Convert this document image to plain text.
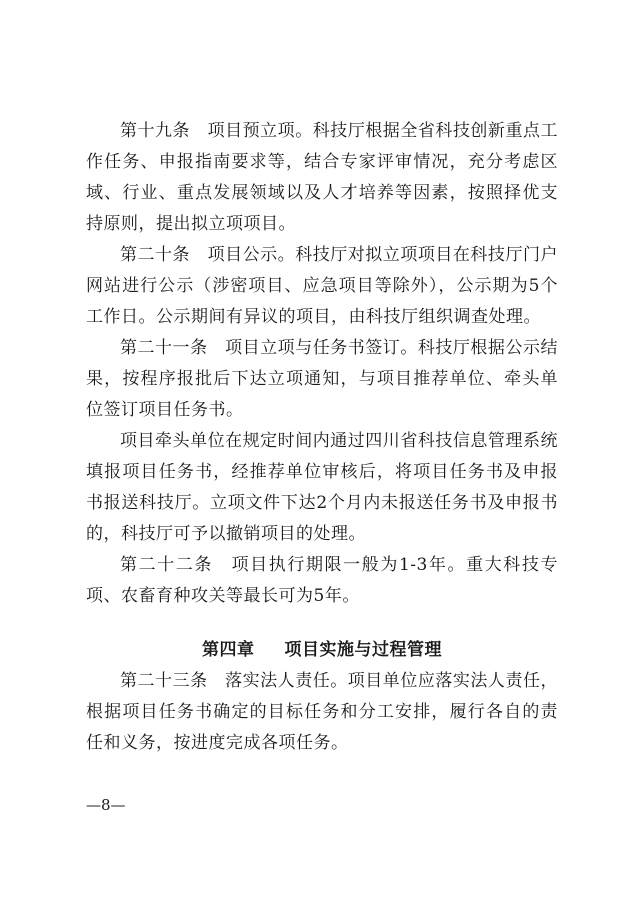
第十九条　项目预立项。科技厅根据全省科技创新重点工作任务、申报指南要求等，结合专家评审情况，充分考虑区域、行业、重点发展领域以及人才培养等因素，按照择优支持原则，提出拟立项项目。

第二十条　项目公示。科技厅对拟立项项目在科技厅门户网站进行公示（涉密项目、应急项目等除外），公示期为5个工作日。公示期间有异议的项目，由科技厅组织调查处理。

第二十一条　项目立项与任务书签订。科技厅根据公示结果，按程序报批后下达立项通知，与项目推荐单位、牵头单位签订项目任务书。

项目牵头单位在规定时间内通过四川省科技信息管理系统填报项目任务书，经推荐单位审核后，将项目任务书及申报书报送科技厅。立项文件下达2个月内未报送任务书及申报书的，科技厅可予以撤销项目的处理。

第二十二条　项目执行期限一般为1-3年。重大科技专项、农畜育种攻关等最长可为5年。

第四章 项目实施与过程管理

第二十三条　落实法人责任。项目单位应落实法人责任，根据项目任务书确定的目标任务和分工安排，履行各自的责任和义务，按进度完成各项任务。

—8—
